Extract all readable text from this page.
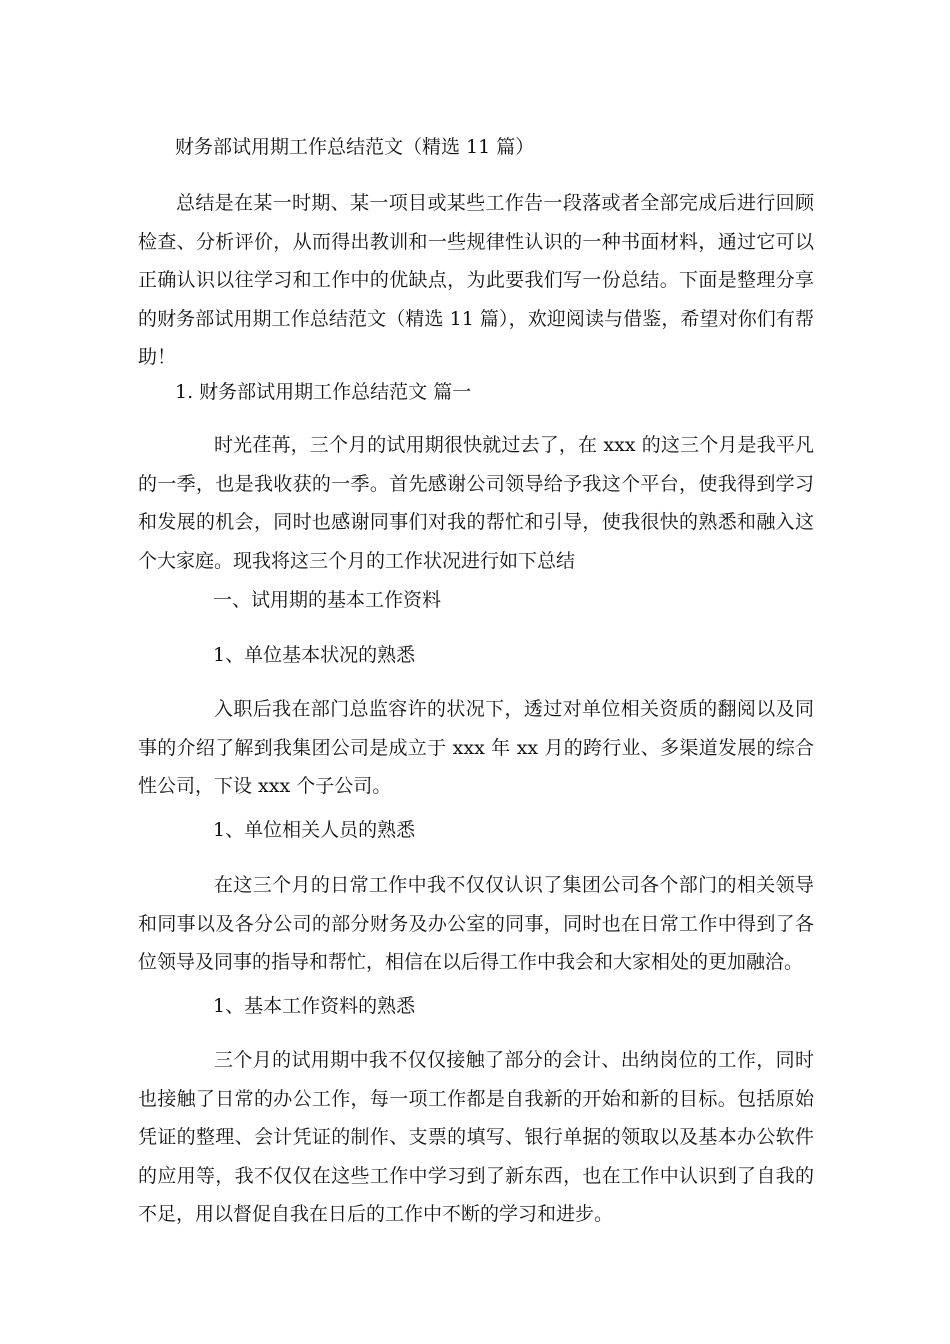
财务部试用期工作总结范文（精选 11 篇）

总结是在某一时期、某一项目或某些工作告一段落或者全部完成后进行回顾检查、分析评价，从而得出教训和一些规律性认识的一种书面材料，通过它可以正确认识以往学习和工作中的优缺点，为此要我们写一份总结。下面是整理分享的财务部试用期工作总结范文（精选 11 篇），欢迎阅读与借鉴，希望对你们有帮助！

1. 财务部试用期工作总结范文 篇一

时光荏苒，三个月的试用期很快就过去了，在 xxx 的这三个月是我平凡的一季，也是我收获的一季。首先感谢公司领导给予我这个平台，使我得到学习和发展的机会，同时也感谢同事们对我的帮忙和引导，使我很快的熟悉和融入这个大家庭。现我将这三个月的工作状况进行如下总结

一、试用期的基本工作资料
1、单位基本状况的熟悉

入职后我在部门总监容许的状况下，透过对单位相关资质的翻阅以及同事的介绍了解到我集团公司是成立于 xxx 年 xx 月的跨行业、多渠道发展的综合性公司，下设 xxx 个子公司。

1、单位相关人员的熟悉

在这三个月的日常工作中我不仅仅认识了集团公司各个部门的相关领导和同事以及各分公司的部分财务及办公室的同事，同时也在日常工作中得到了各位领导及同事的指导和帮忙，相信在以后得工作中我会和大家相处的更加融洽。

1、基本工作资料的熟悉

三个月的试用期中我不仅仅接触了部分的会计、出纳岗位的工作，同时也接触了日常的办公工作，每一项工作都是自我新的开始和新的目标。包括原始凭证的整理、会计凭证的制作、支票的填写、银行单据的领取以及基本办公软件的应用等，我不仅仅在这些工作中学习到了新东西，也在工作中认识到了自我的不足，用以督促自我在日后的工作中不断的学习和进步。
